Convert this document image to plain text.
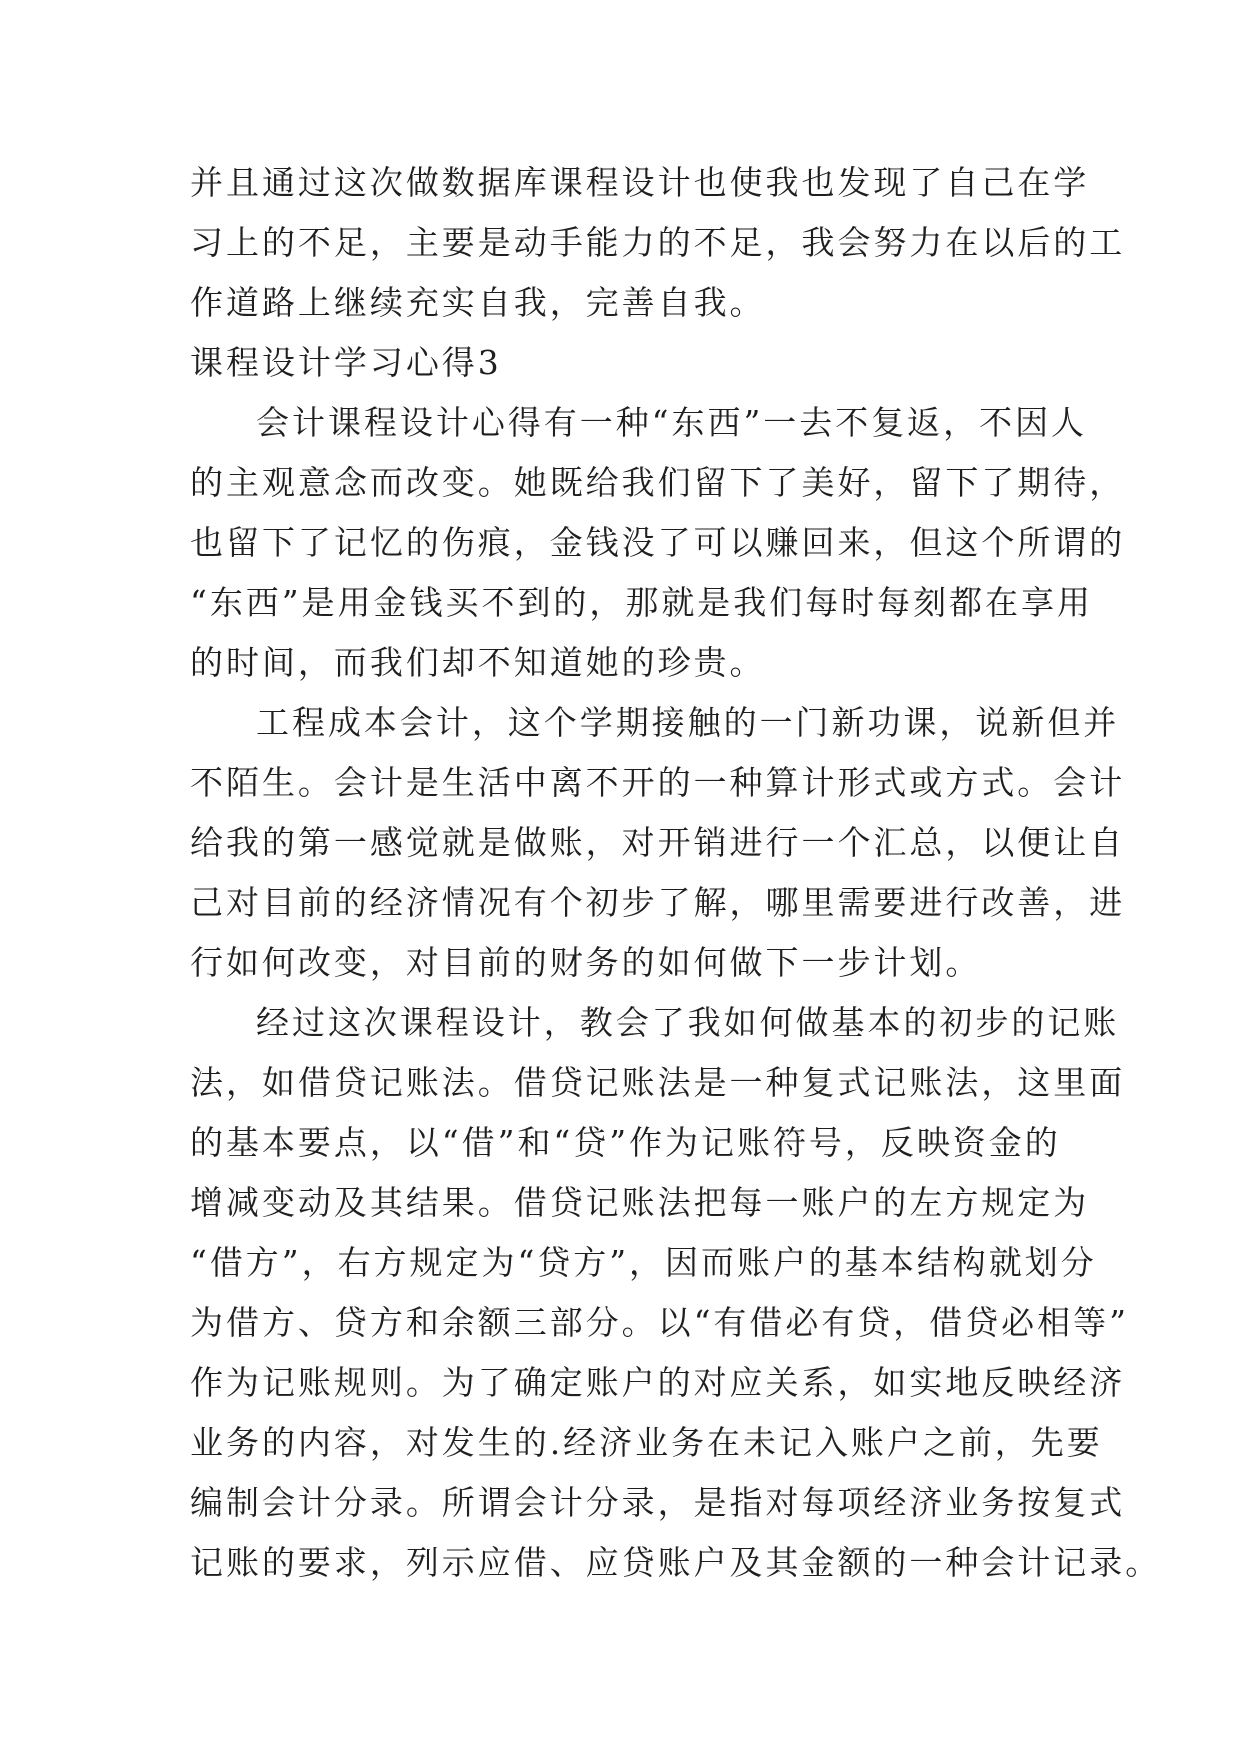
并且通过这次做数据库课程设计也使我也发现了自己在学
习上的不足，主要是动手能力的不足，我会努力在以后的工
作道路上继续充实自我，完善自我。
课程设计学习心得3
会计课程设计心得有一种“东西”一去不复返，不因人
的主观意念而改变。她既给我们留下了美好，留下了期待，
也留下了记忆的伤痕，金钱没了可以赚回来，但这个所谓的
“东西”是用金钱买不到的，那就是我们每时每刻都在享用
的时间，而我们却不知道她的珍贵。
工程成本会计，这个学期接触的一门新功课，说新但并
不陌生。会计是生活中离不开的一种算计形式或方式。会计
给我的第一感觉就是做账，对开销进行一个汇总，以便让自
己对目前的经济情况有个初步了解，哪里需要进行改善，进
行如何改变，对目前的财务的如何做下一步计划。
经过这次课程设计，教会了我如何做基本的初步的记账
法，如借贷记账法。借贷记账法是一种复式记账法，这里面
的基本要点，以“借”和“贷”作为记账符号，反映资金的
增减变动及其结果。借贷记账法把每一账户的左方规定为
“借方”，右方规定为“贷方”，因而账户的基本结构就划分
为借方、贷方和余额三部分。以“有借必有贷，借贷必相等”
作为记账规则。为了确定账户的对应关系，如实地反映经济
业务的内容，对发生的.经济业务在未记入账户之前，先要
编制会计分录。所谓会计分录，是指对每项经济业务按复式
记账的要求，列示应借、应贷账户及其金额的一种会计记录。
